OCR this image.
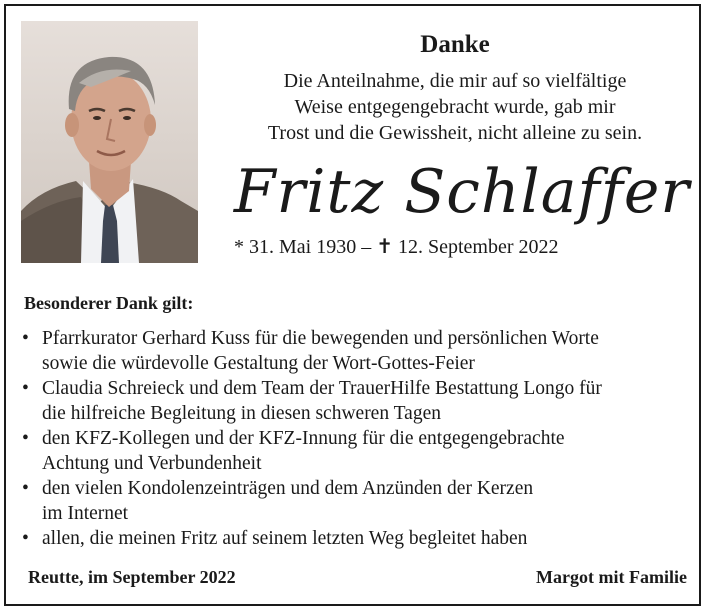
Danke
Die Anteilnahme, die mir auf so vielfältige
Weise entgegengebracht wurde, gab mir
Trost und die Gewissheit, nicht alleine zu sein.
Fritz Schlaffer
* 31. Mai 1930 – ✝ 12. September 2022
Besonderer Dank gilt:
• Pfarrkurator Gerhard Kuss für die bewegenden und persönlichen Worte
sowie die würdevolle Gestaltung der Wort-Gottes-Feier
• Claudia Schreieck und dem Team der TrauerHilfe Bestattung Longo für
die hilfreiche Begleitung in diesen schweren Tagen
• den KFZ-Kollegen und der KFZ-Innung für die entgegengebrachte
Achtung und Verbundenheit
• den vielen Kondolenzeinträgen und dem Anzünden der Kerzen
im Internet
• allen, die meinen Fritz auf seinem letzten Weg begleitet haben
Reutte, im September 2022	Margot mit Familie
